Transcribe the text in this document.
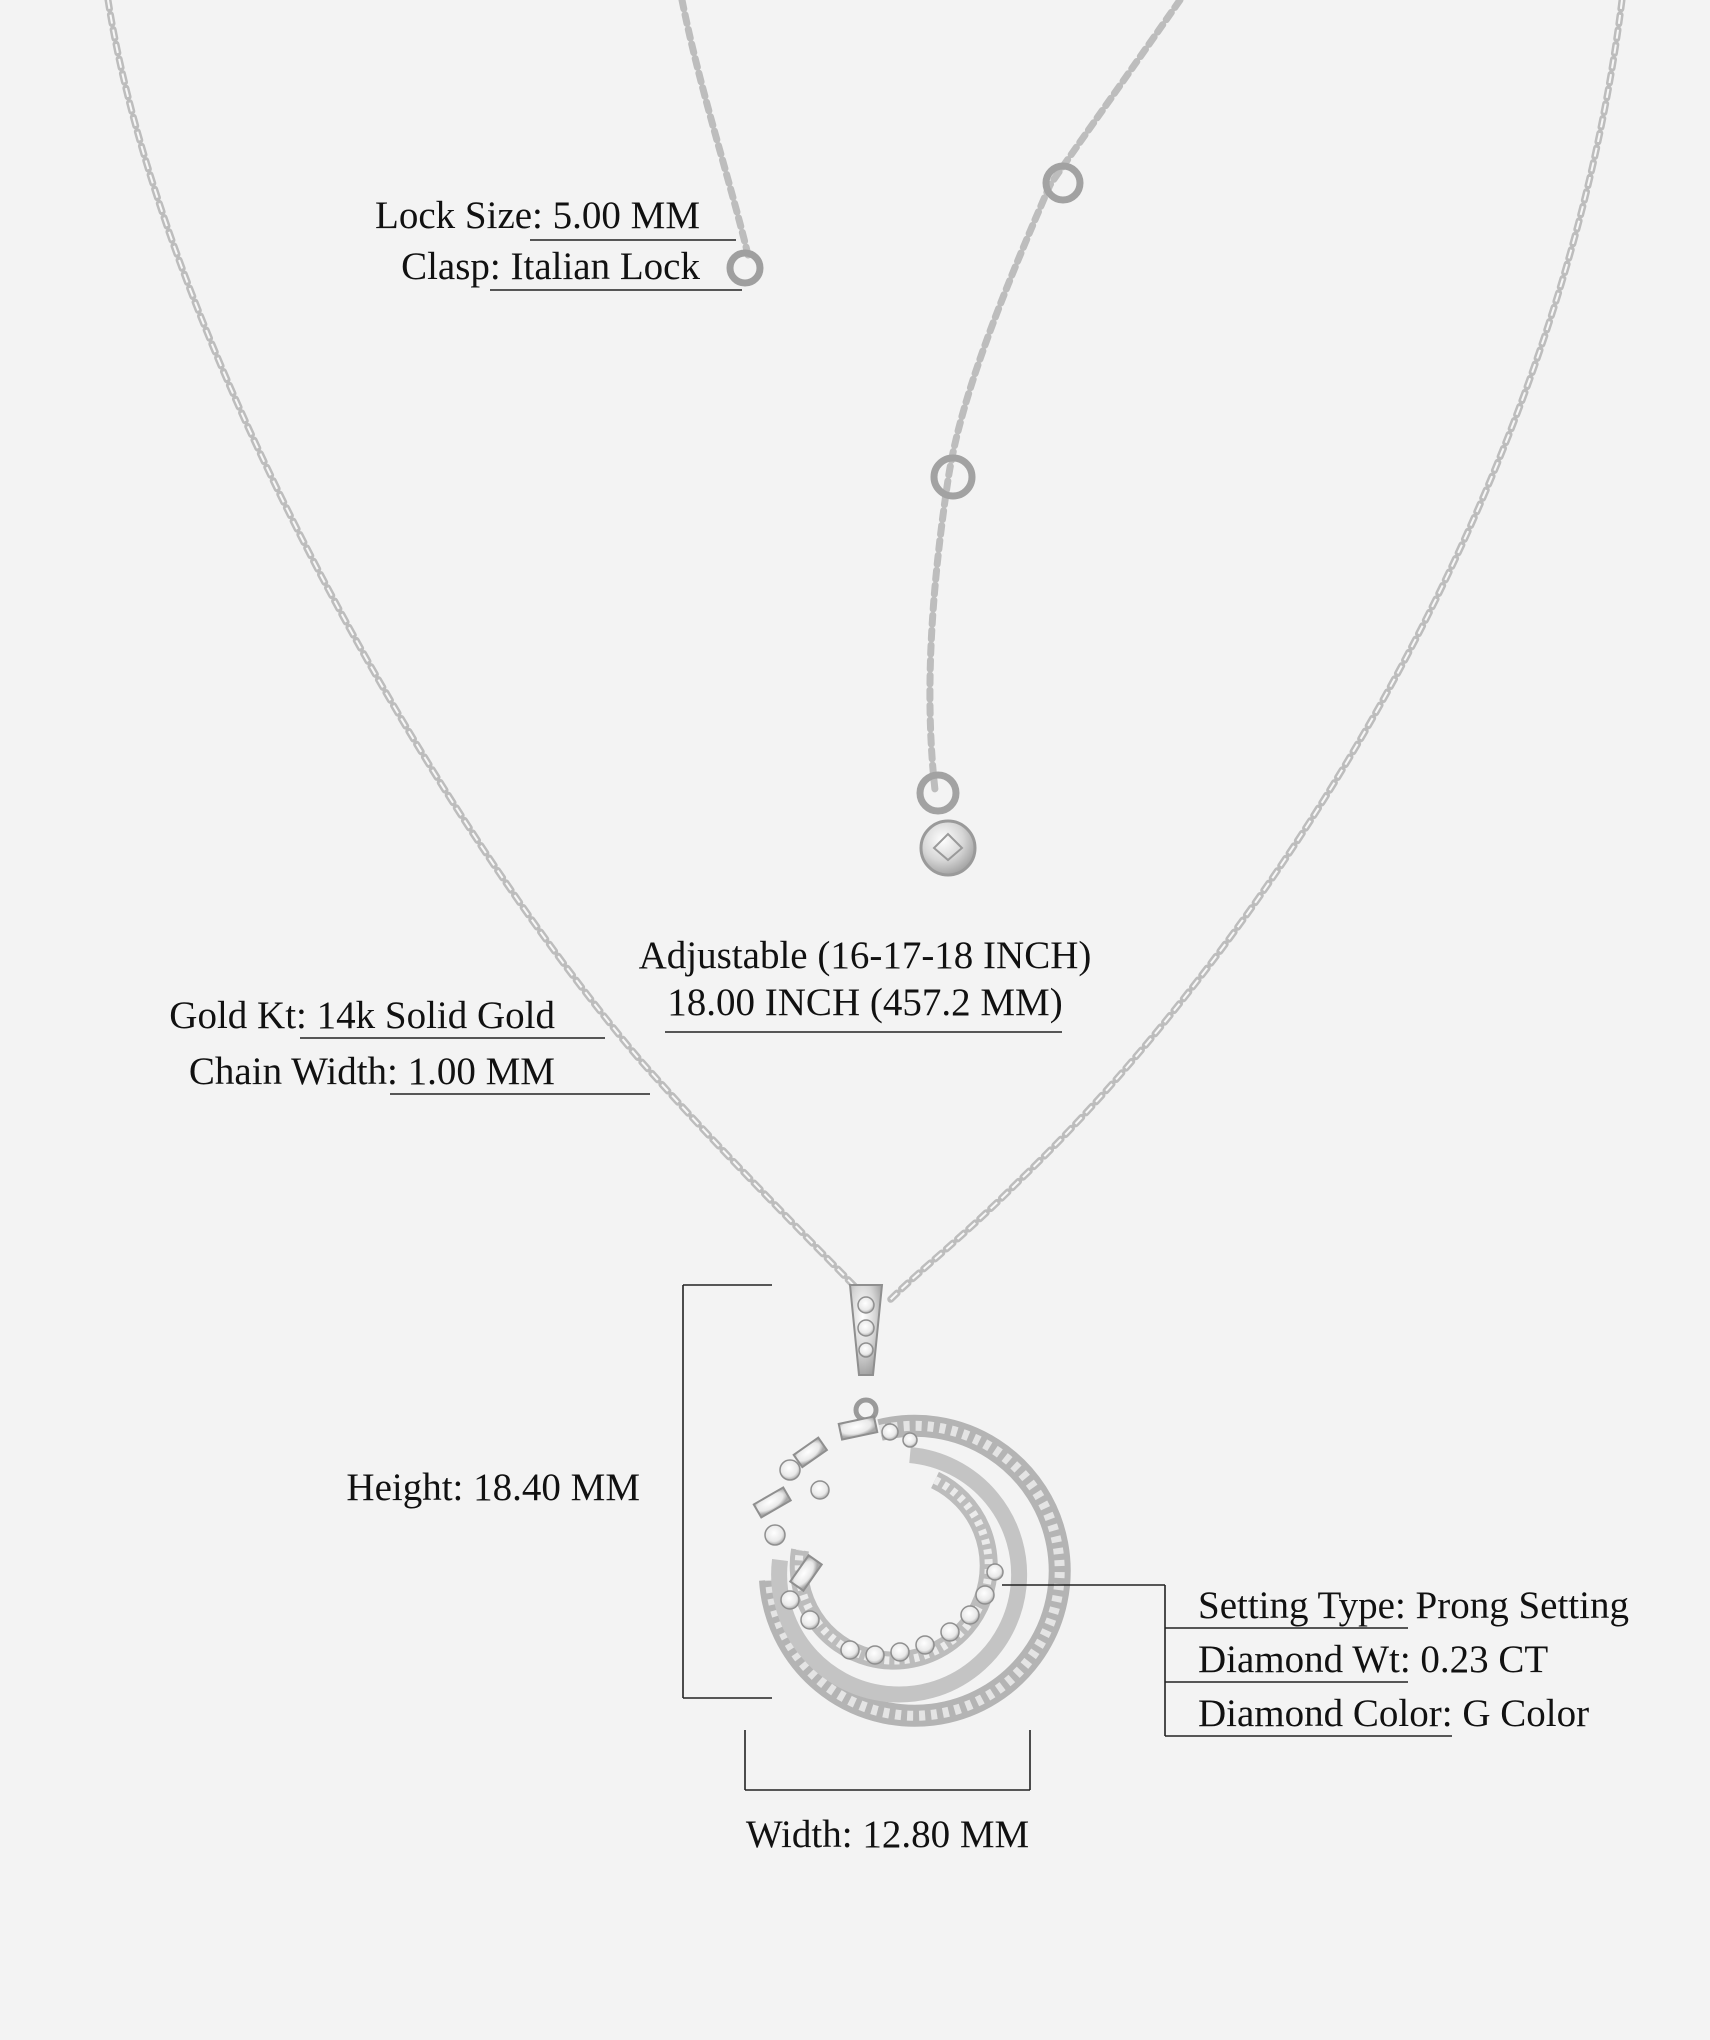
Lock Size: 5.00 MM
Clasp: Italian Lock
Adjustable (16-17-18 INCH)
18.00 INCH (457.2 MM)
Gold Kt: 14k Solid Gold
Chain Width: 1.00 MM
Height: 18.40 MM
Width: 12.80 MM
Setting Type: Prong Setting
Diamond Wt: 0.23 CT
Diamond Color: G Color
